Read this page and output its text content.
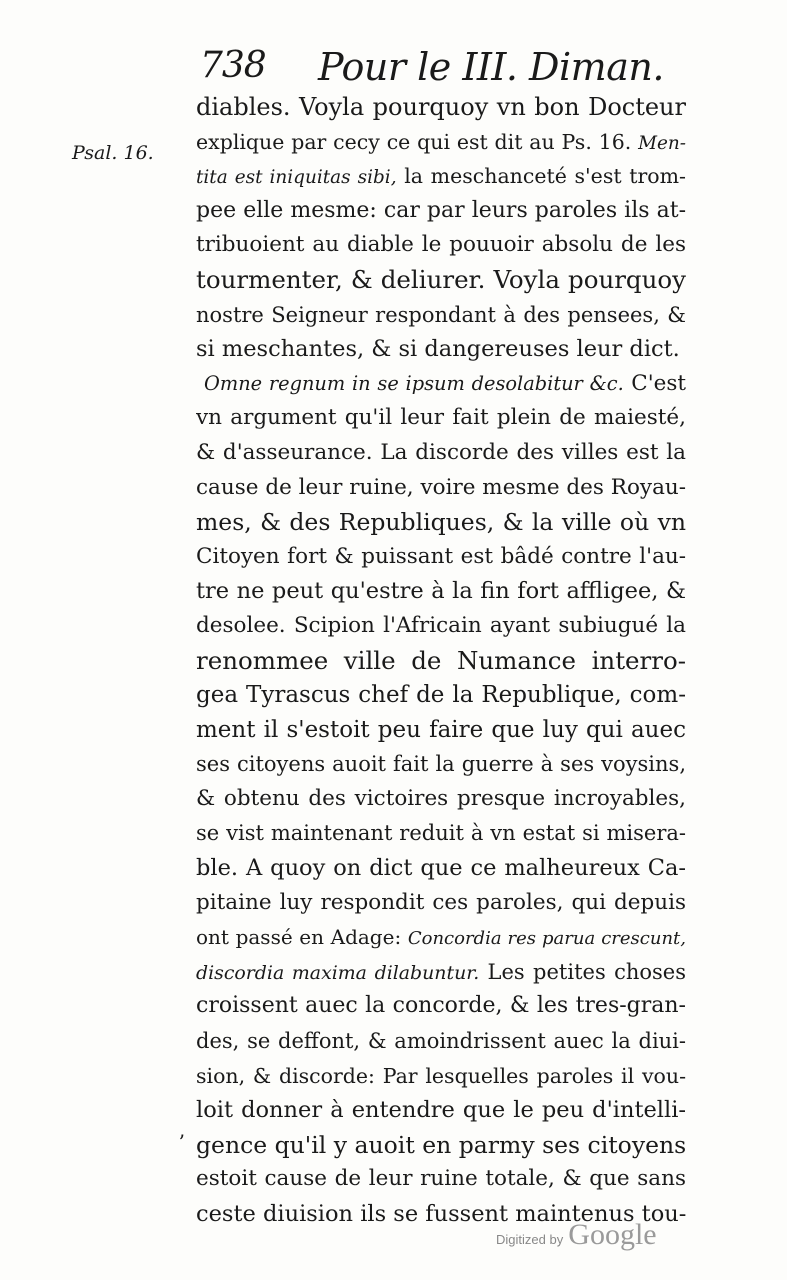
738 Pour le III. Diman.
Psal. 16.
diables. Voyla pourquoy vn bon Docteur
explique par cecy ce qui est dit au Ps. 16. Men-
tita est iniquitas sibi, la meschanceté s'est trom-
pee elle mesme: car par leurs paroles ils at-
tribuoient au diable le pouuoir absolu de les
tourmenter, & deliurer. Voyla pourquoy
nostre Seigneur respondant à des pensees, &
si meschantes, & si dangereuses leur dict.
Omne regnum in se ipsum desolabitur &c. C'est
vn argument qu'il leur fait plein de maiesté,
& d'asseurance. La discorde des villes est la
cause de leur ruine, voire mesme des Royau-
mes, & des Republiques, & la ville où vn
Citoyen fort & puissant est bâdé contre l'au-
tre ne peut qu'estre à la fin fort affligee, &
desolee. Scipion l'Africain ayant subiugué la
renommee ville de Numance interro-
gea Tyrascus chef de la Republique, com-
ment il s'estoit peu faire que luy qui auec
ses citoyens auoit fait la guerre à ses voysins,
& obtenu des victoires presque incroyables,
se vist maintenant reduit à vn estat si misera-
ble. A quoy on dict que ce malheureux Ca-
pitaine luy respondit ces paroles, qui depuis
ont passé en Adage: Concordia res parua crescunt,
discordia maxima dilabuntur. Les petites choses
croissent auec la concorde, & les tres-gran-
des, se deffont, & amoindrissent auec la diui-
sion, & discorde: Par lesquelles paroles il vou-
loit donner à entendre que le peu d'intelli-
gence qu'il y auoit en parmy ses citoyens
estoit cause de leur ruine totale, & que sans
ceste diuision ils se fussent maintenus tou-
ʼ
Digitized by Google
